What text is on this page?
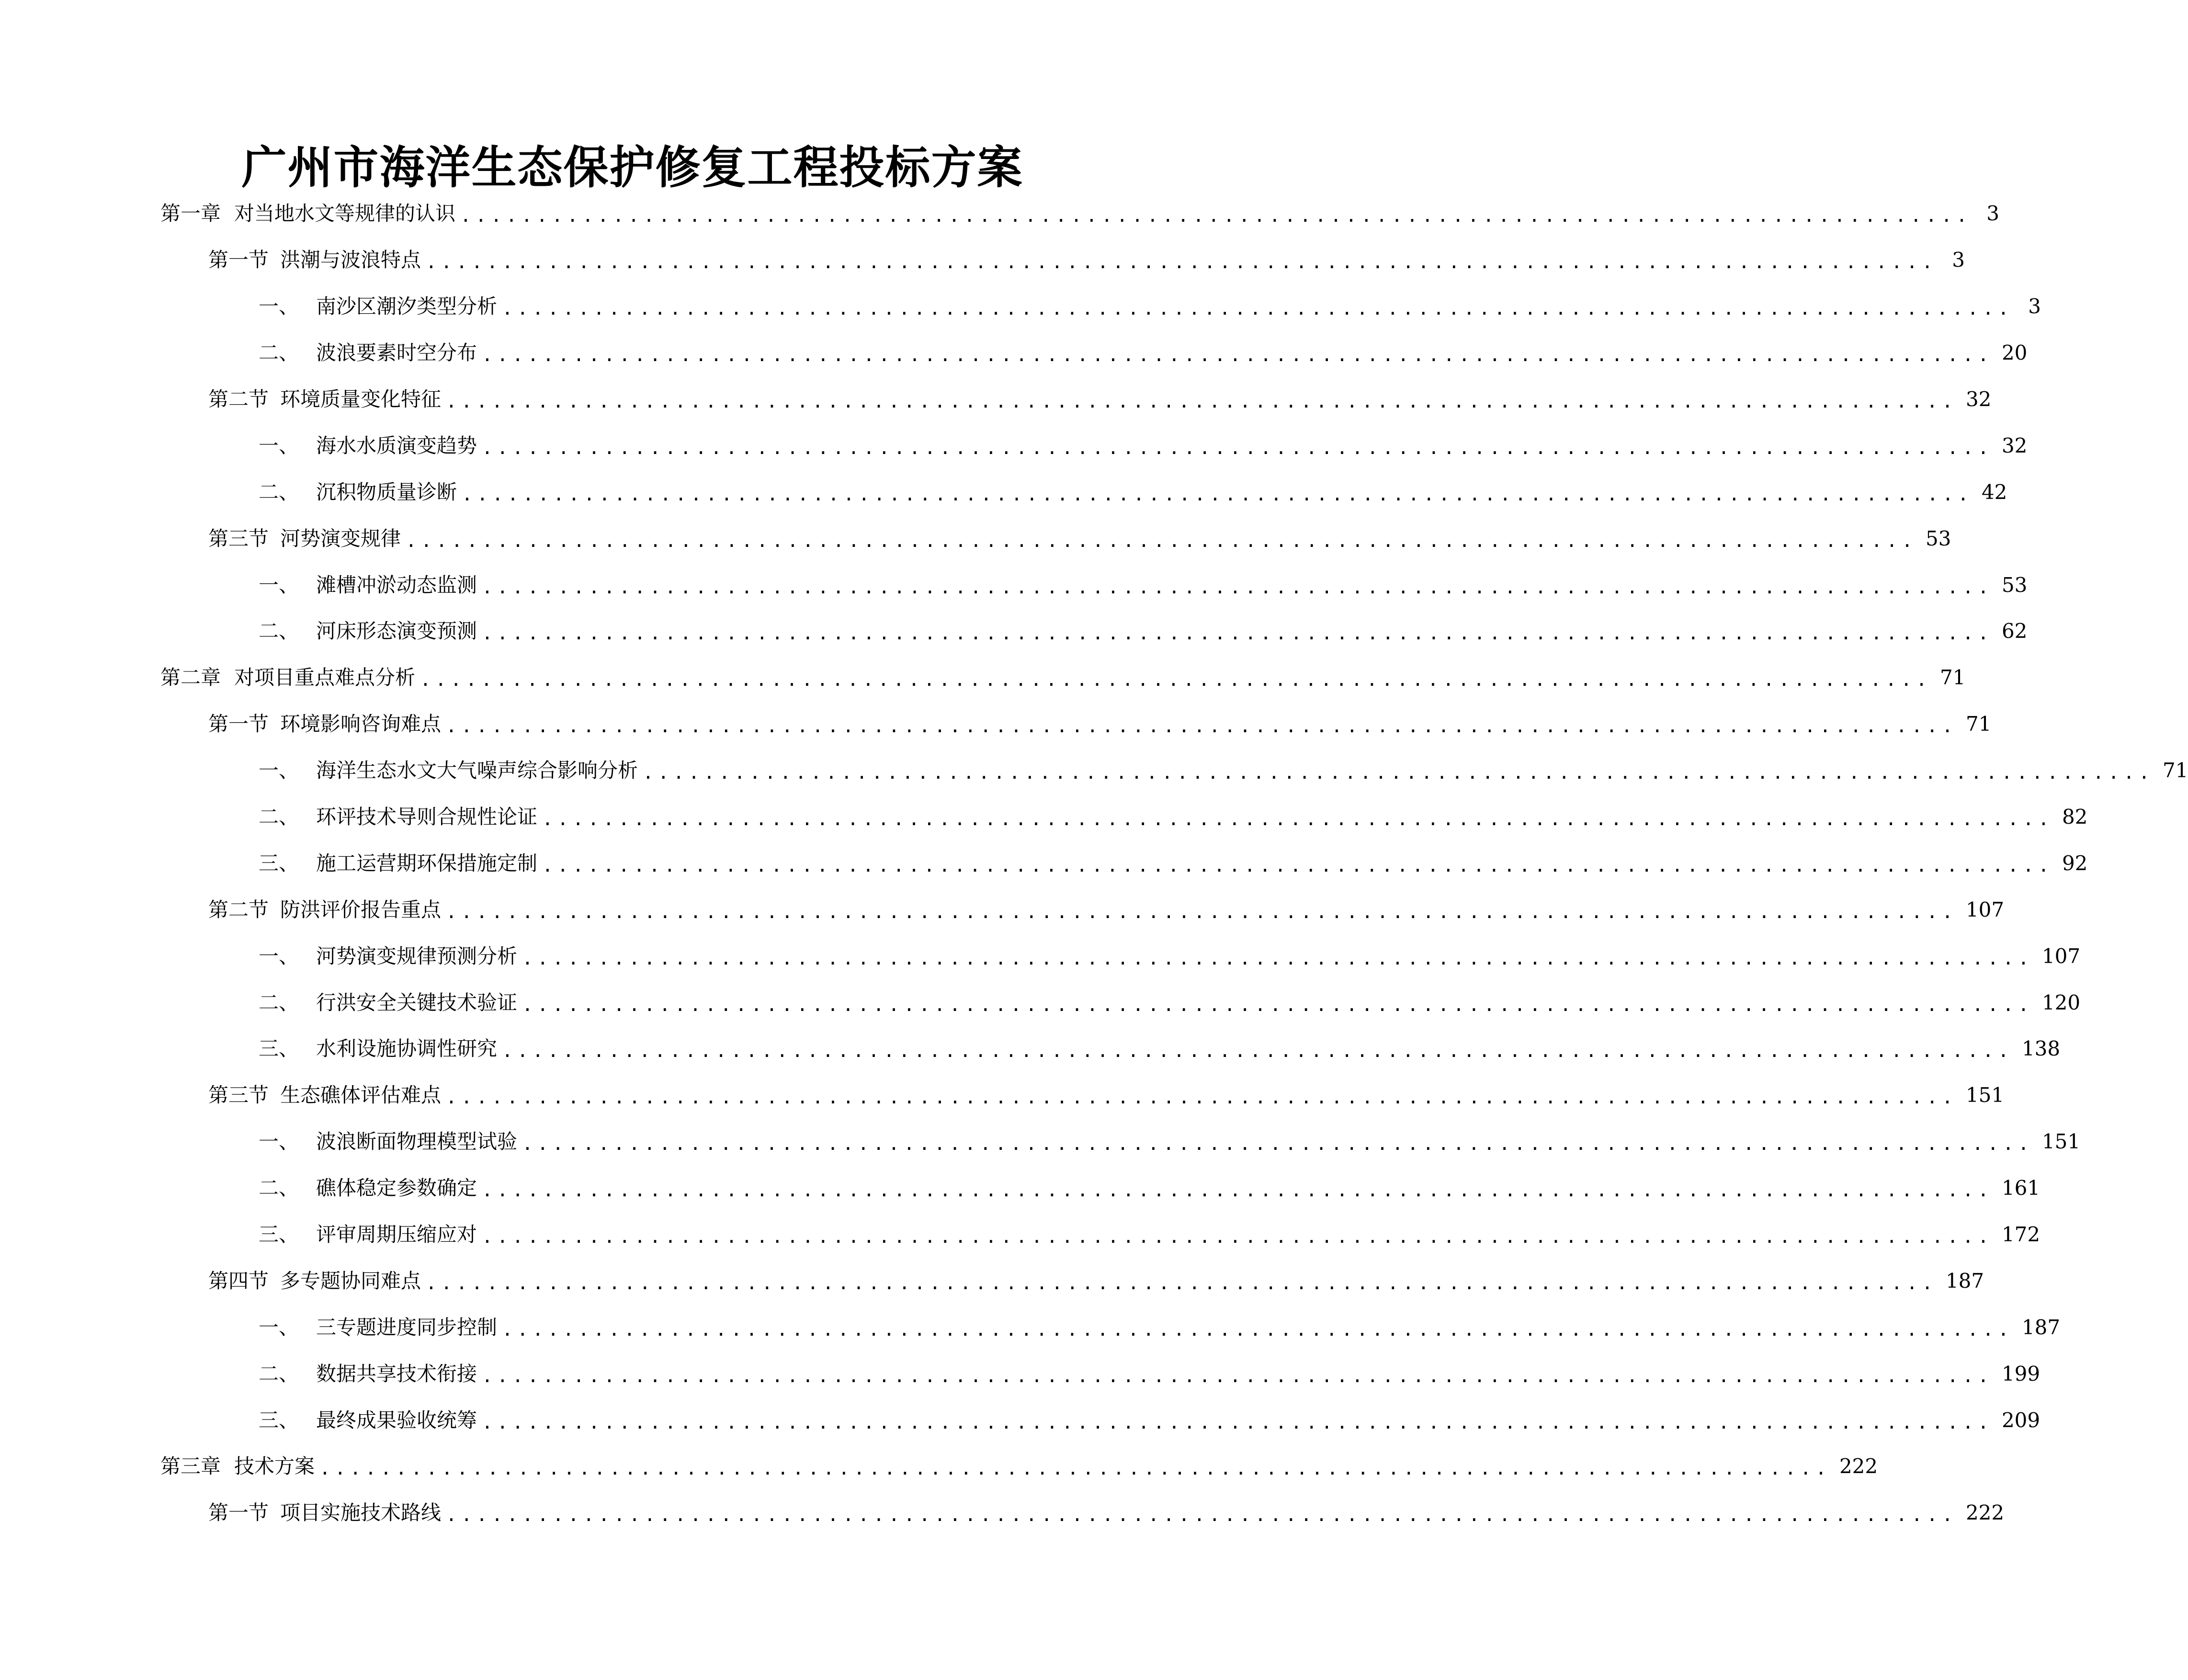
广州市海洋生态保护修复工程投标方案
第一章 对当地水文等规律的认识 ................................................................................................... 3
第一节 洪潮与波浪特点 ................................................................................................... 3
一、 南沙区潮汐类型分析 ................................................................................................... 3
二、 波浪要素时空分布 ................................................................................................... 20
第二节 环境质量变化特征 ................................................................................................... 32
一、 海水水质演变趋势 ................................................................................................... 32
二、 沉积物质量诊断 ................................................................................................... 42
第三节 河势演变规律 ................................................................................................... 53
一、 滩槽冲淤动态监测 ................................................................................................... 53
二、 河床形态演变预测 ................................................................................................... 62
第二章 对项目重点难点分析 ................................................................................................... 71
第一节 环境影响咨询难点 ................................................................................................... 71
一、 海洋生态水文大气噪声综合影响分析 ................................................................................................... 71
二、 环评技术导则合规性论证 ................................................................................................... 82
三、 施工运营期环保措施定制 ................................................................................................... 92
第二节 防洪评价报告重点 ................................................................................................... 107
一、 河势演变规律预测分析 ................................................................................................... 107
二、 行洪安全关键技术验证 ................................................................................................... 120
三、 水利设施协调性研究 ................................................................................................... 138
第三节 生态礁体评估难点 ................................................................................................... 151
一、 波浪断面物理模型试验 ................................................................................................... 151
二、 礁体稳定参数确定 ................................................................................................... 161
三、 评审周期压缩应对 ................................................................................................... 172
第四节 多专题协同难点 ................................................................................................... 187
一、 三专题进度同步控制 ................................................................................................... 187
二、 数据共享技术衔接 ................................................................................................... 199
三、 最终成果验收统筹 ................................................................................................... 209
第三章 技术方案 ................................................................................................... 222
第一节 项目实施技术路线 ................................................................................................... 222
